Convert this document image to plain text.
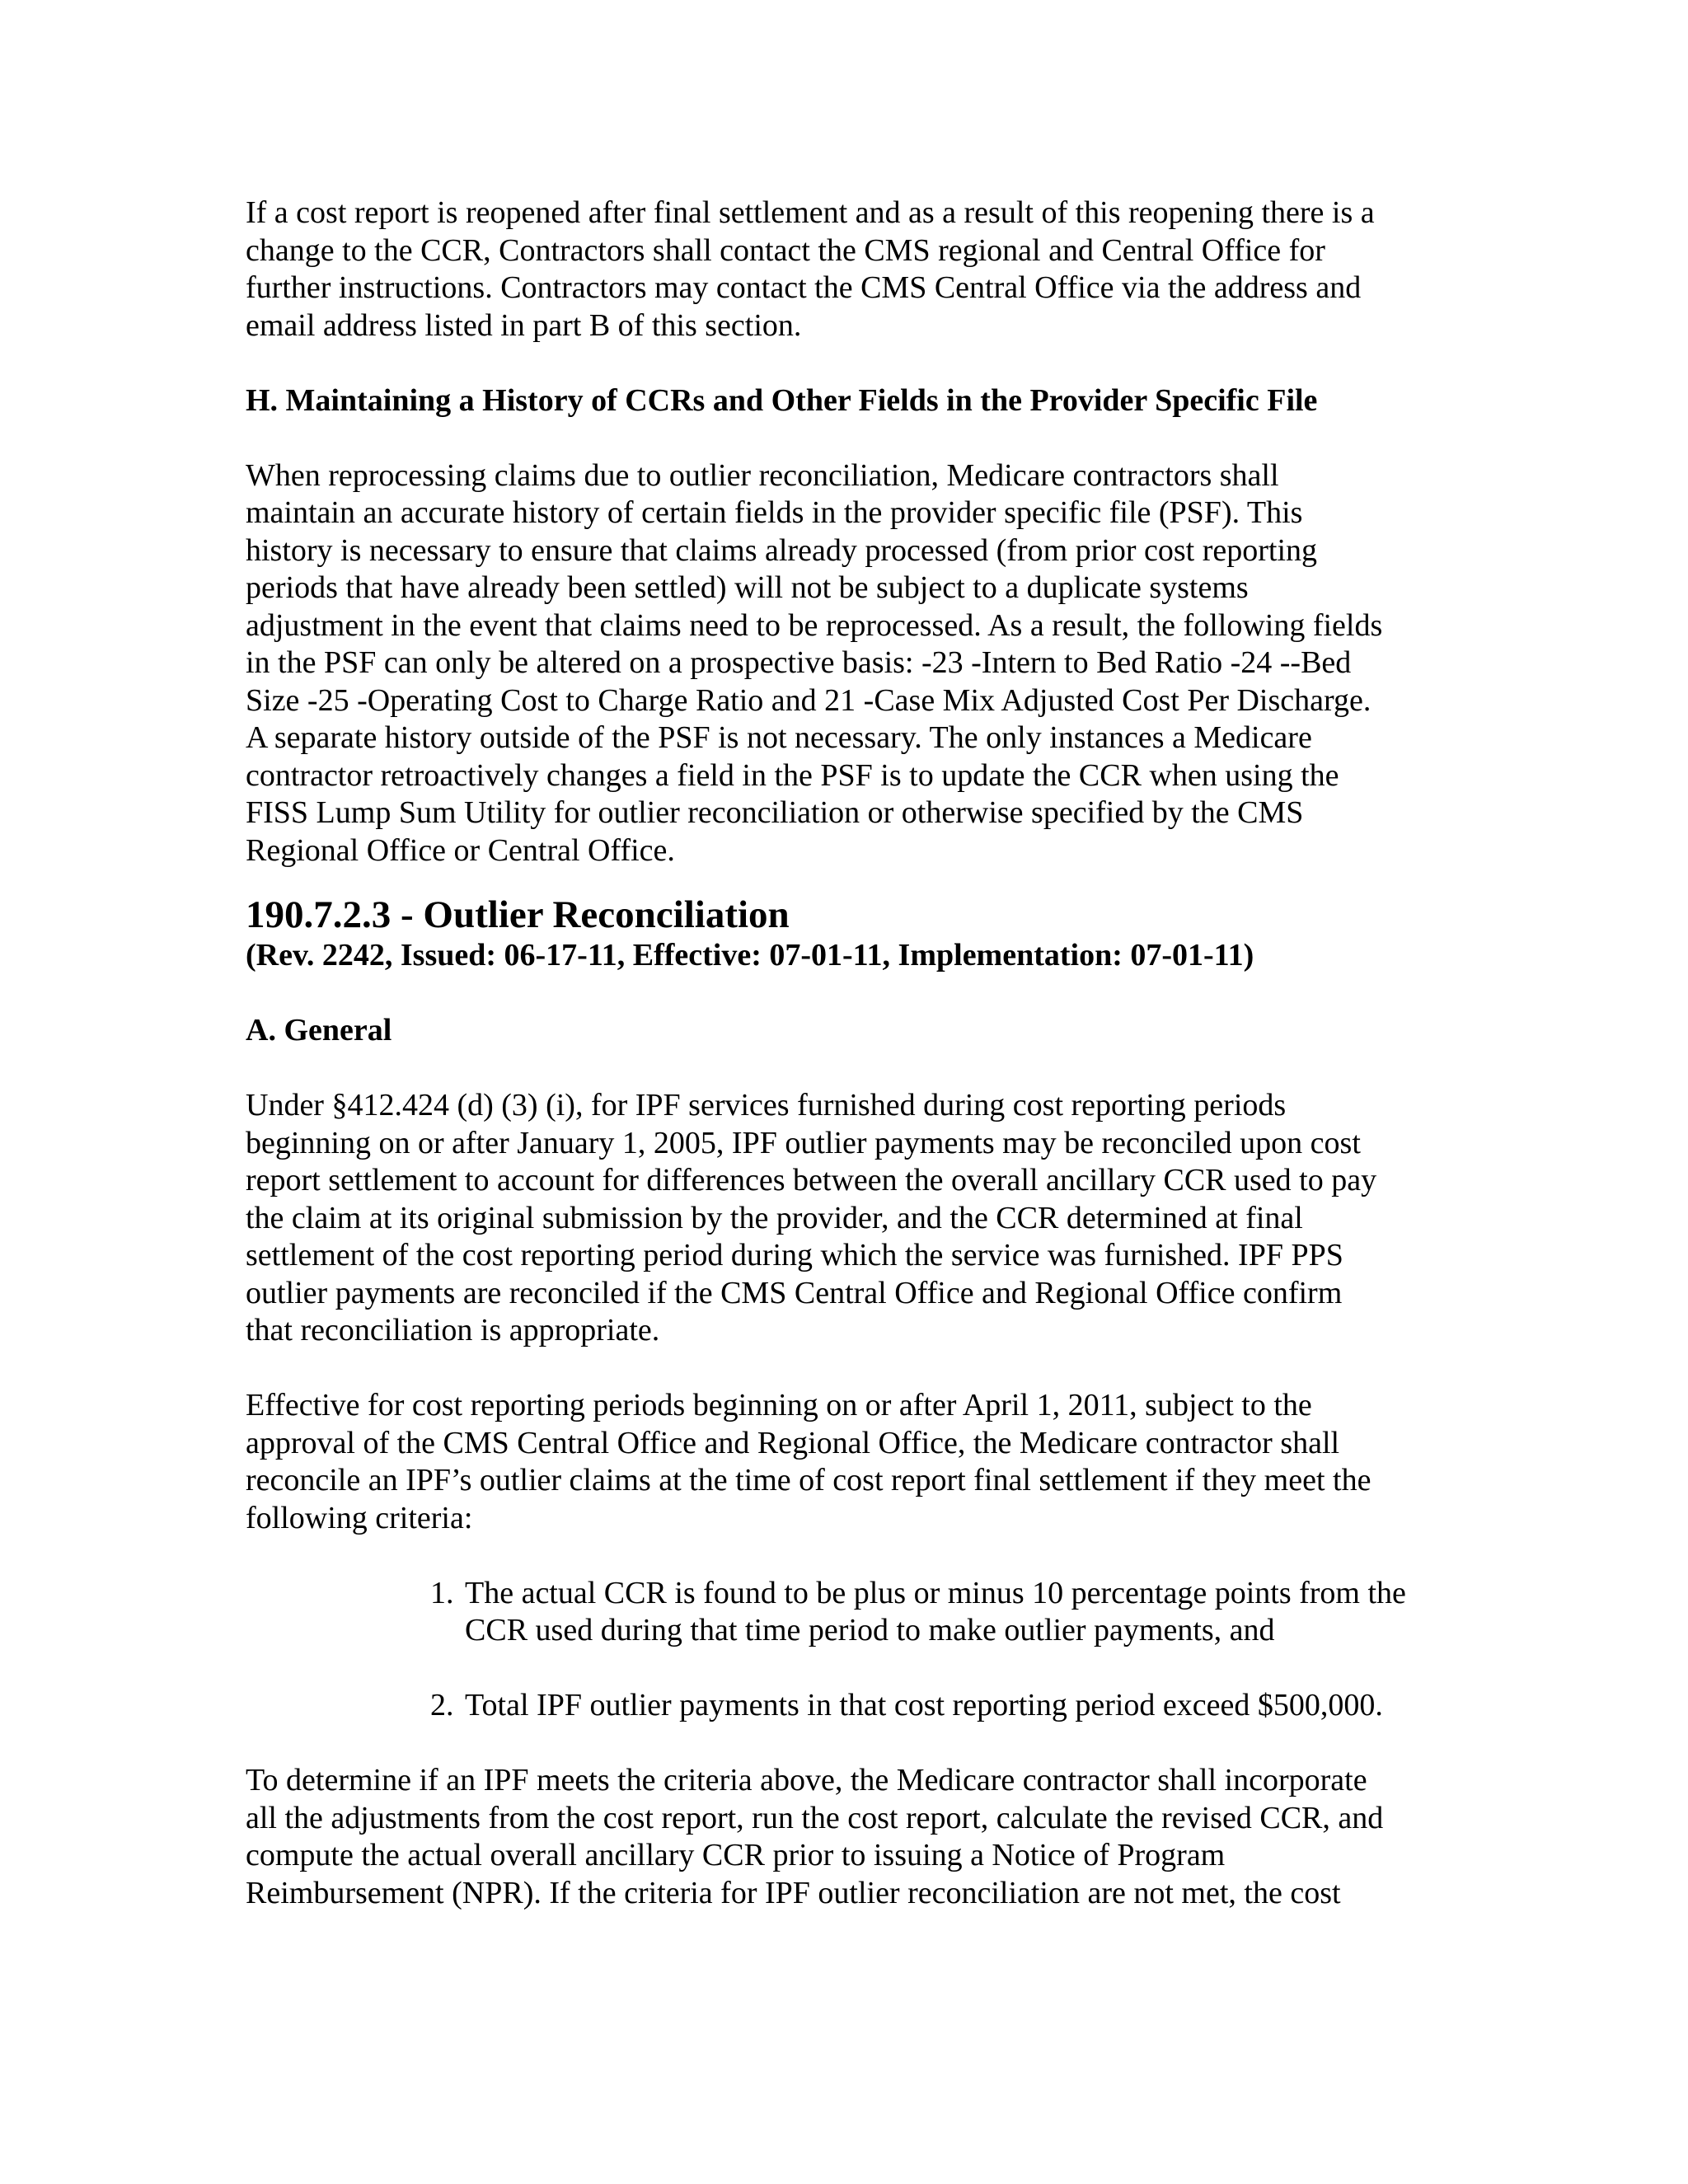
If a cost report is reopened after final settlement and as a result of this reopening there is a
change to the CCR, Contractors shall contact the CMS regional and Central Office for
further instructions. Contractors may contact the CMS Central Office via the address and
email address listed in part B of this section.

H. Maintaining a History of CCRs and Other Fields in the Provider Specific File

When reprocessing claims due to outlier reconciliation, Medicare contractors shall
maintain an accurate history of certain fields in the provider specific file (PSF). This
history is necessary to ensure that claims already processed (from prior cost reporting
periods that have already been settled) will not be subject to a duplicate systems
adjustment in the event that claims need to be reprocessed. As a result, the following fields
in the PSF can only be altered on a prospective basis: -23 -Intern to Bed Ratio -24 --Bed
Size -25 -Operating Cost to Charge Ratio and 21 -Case Mix Adjusted Cost Per Discharge.
A separate history outside of the PSF is not necessary. The only instances a Medicare
contractor retroactively changes a field in the PSF is to update the CCR when using the
FISS Lump Sum Utility for outlier reconciliation or otherwise specified by the CMS
Regional Office or Central Office.

190.7.2.3 - Outlier Reconciliation

(Rev. 2242, Issued: 06-17-11, Effective: 07-01-11, Implementation: 07-01-11)

A. General

Under §412.424 (d) (3) (i), for IPF services furnished during cost reporting periods
beginning on or after January 1, 2005, IPF outlier payments may be reconciled upon cost
report settlement to account for differences between the overall ancillary CCR used to pay
the claim at its original submission by the provider, and the CCR determined at final
settlement of the cost reporting period during which the service was furnished. IPF PPS
outlier payments are reconciled if the CMS Central Office and Regional Office confirm
that reconciliation is appropriate.

Effective for cost reporting periods beginning on or after April 1, 2011, subject to the
approval of the CMS Central Office and Regional Office, the Medicare contractor shall
reconcile an IPF’s outlier claims at the time of cost report final settlement if they meet the
following criteria:

1. The actual CCR is found to be plus or minus 10 percentage points from the
CCR used during that time period to make outlier payments, and
2. Total IPF outlier payments in that cost reporting period exceed $500,000.

To determine if an IPF meets the criteria above, the Medicare contractor shall incorporate
all the adjustments from the cost report, run the cost report, calculate the revised CCR, and
compute the actual overall ancillary CCR prior to issuing a Notice of Program
Reimbursement (NPR). If the criteria for IPF outlier reconciliation are not met, the cost
